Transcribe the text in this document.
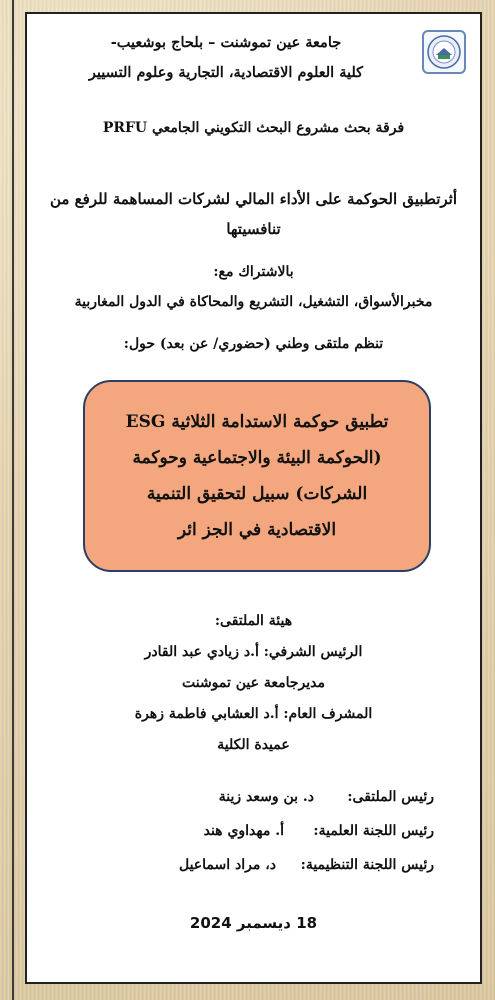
جامعة عين تموشنت – بلحاج بوشعيب-
كلية العلوم الاقتصادية، التجارية وعلوم التسيير
فرقة بحث مشروع البحث التكويني الجامعي PRFU
أثرتطبيق الحوكمة على الأداء المالي لشركات المساهمة للرفع من تنافسيتها
بالاشتراك مع:
مخبرالأسواق، التشغيل، التشريع والمحاكاة في الدول المغاربية
تنظم ملتقى وطني (حضوري/ عن بعد) حول:
تطبيق حوكمة الاستدامة الثلاثية ESG
(الحوكمة البيئة والاجتماعية وحوكمة
الشركات) سبيل لتحقيق التنمية
الاقتصادية في الجز ائر
هيئة الملتقى:
الرئيس الشرفي: أ.د زيادي عبد القادر
مديرجامعة عين تموشنت
المشرف العام: أ.د العشابي فاطمة زهرة
عميدة الكلية
رئيس الملتقى:
د. بن وسعد زينة
رئيس اللجنة العلمية:
أ. مهداوي هند
رئيس اللجنة التنظيمية:
د، مراد اسماعيل
18 ديسمبر 2024
